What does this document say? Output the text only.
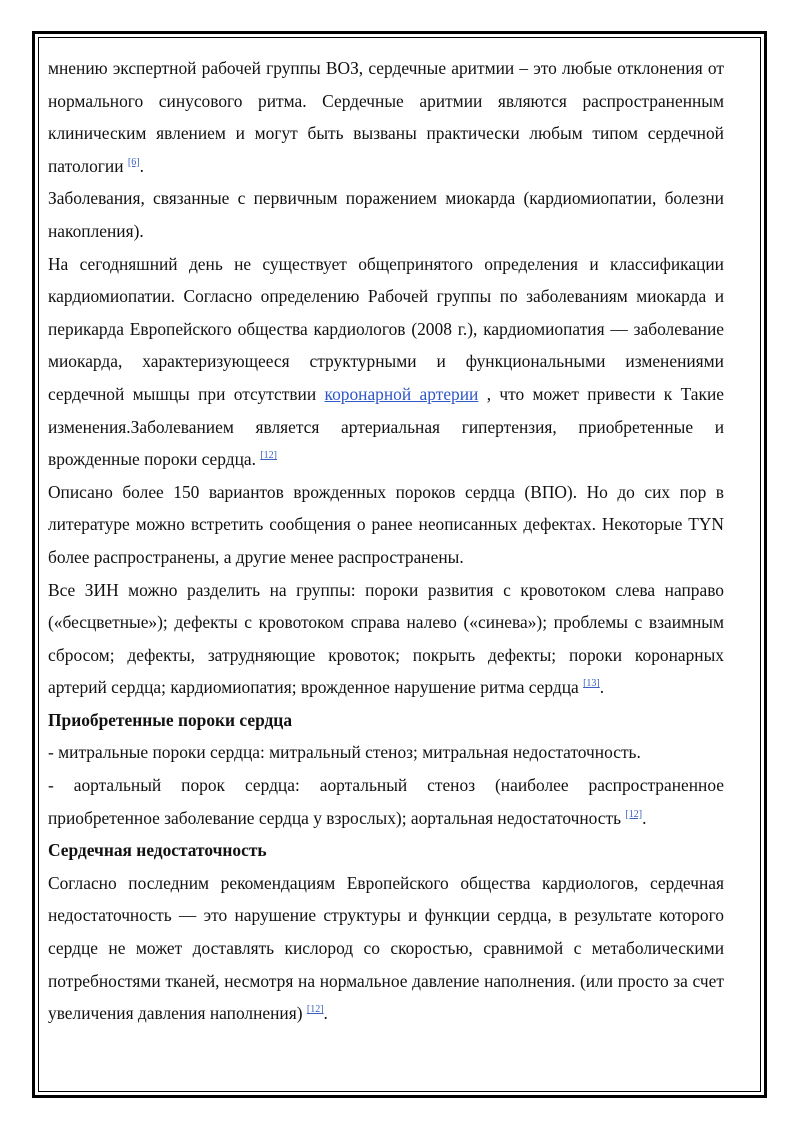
мнению экспертной рабочей группы ВОЗ, сердечные аритмии – это любые отклонения от нормального синусового ритма. Сердечные аритмии являются распространенным клиническим явлением и могут быть вызваны практически любым типом сердечной патологии [6].

Заболевания, связанные с первичным поражением миокарда (кардиомиопатии, болезни накопления).

На сегодняшний день не существует общепринятого определения и классификации кардиомиопатии. Согласно определению Рабочей группы по заболеваниям миокарда и перикарда Европейского общества кардиологов (2008 г.), кардиомиопатия — заболевание миокарда, характеризующееся структурными и функциональными изменениями сердечной мышцы при отсутствии коронарной артерии , что может привести к Такие изменения.Заболеванием является артериальная гипертензия, приобретенные и врожденные пороки сердца. [12]

Описано более 150 вариантов врожденных пороков сердца (ВПО). Но до сих пор в литературе можно встретить сообщения о ранее неописанных дефектах. Некоторые TYN более распространены, а другие менее распространены.

Все ЗИН можно разделить на группы: пороки развития с кровотоком слева направо («бесцветные»); дефекты с кровотоком справа налево («синева»); проблемы с взаимным сбросом; дефекты, затрудняющие кровоток; покрыть дефекты; пороки коронарных артерий сердца; кардиомиопатия; врожденное нарушение ритма сердца [13].

Приобретенные пороки сердца

- митральные пороки сердца: митральный стеноз; митральная недостаточность.

- аортальный порок сердца: аортальный стеноз (наиболее распространенное приобретенное заболевание сердца у взрослых); аортальная недостаточность [12].

Сердечная недостаточность

Согласно последним рекомендациям Европейского общества кардиологов, сердечная недостаточность — это нарушение структуры и функции сердца, в результате которого сердце не может доставлять кислород со скоростью, сравнимой с метаболическими потребностями тканей, несмотря на нормальное давление наполнения. (или просто за счет увеличения давления наполнения) [12].
